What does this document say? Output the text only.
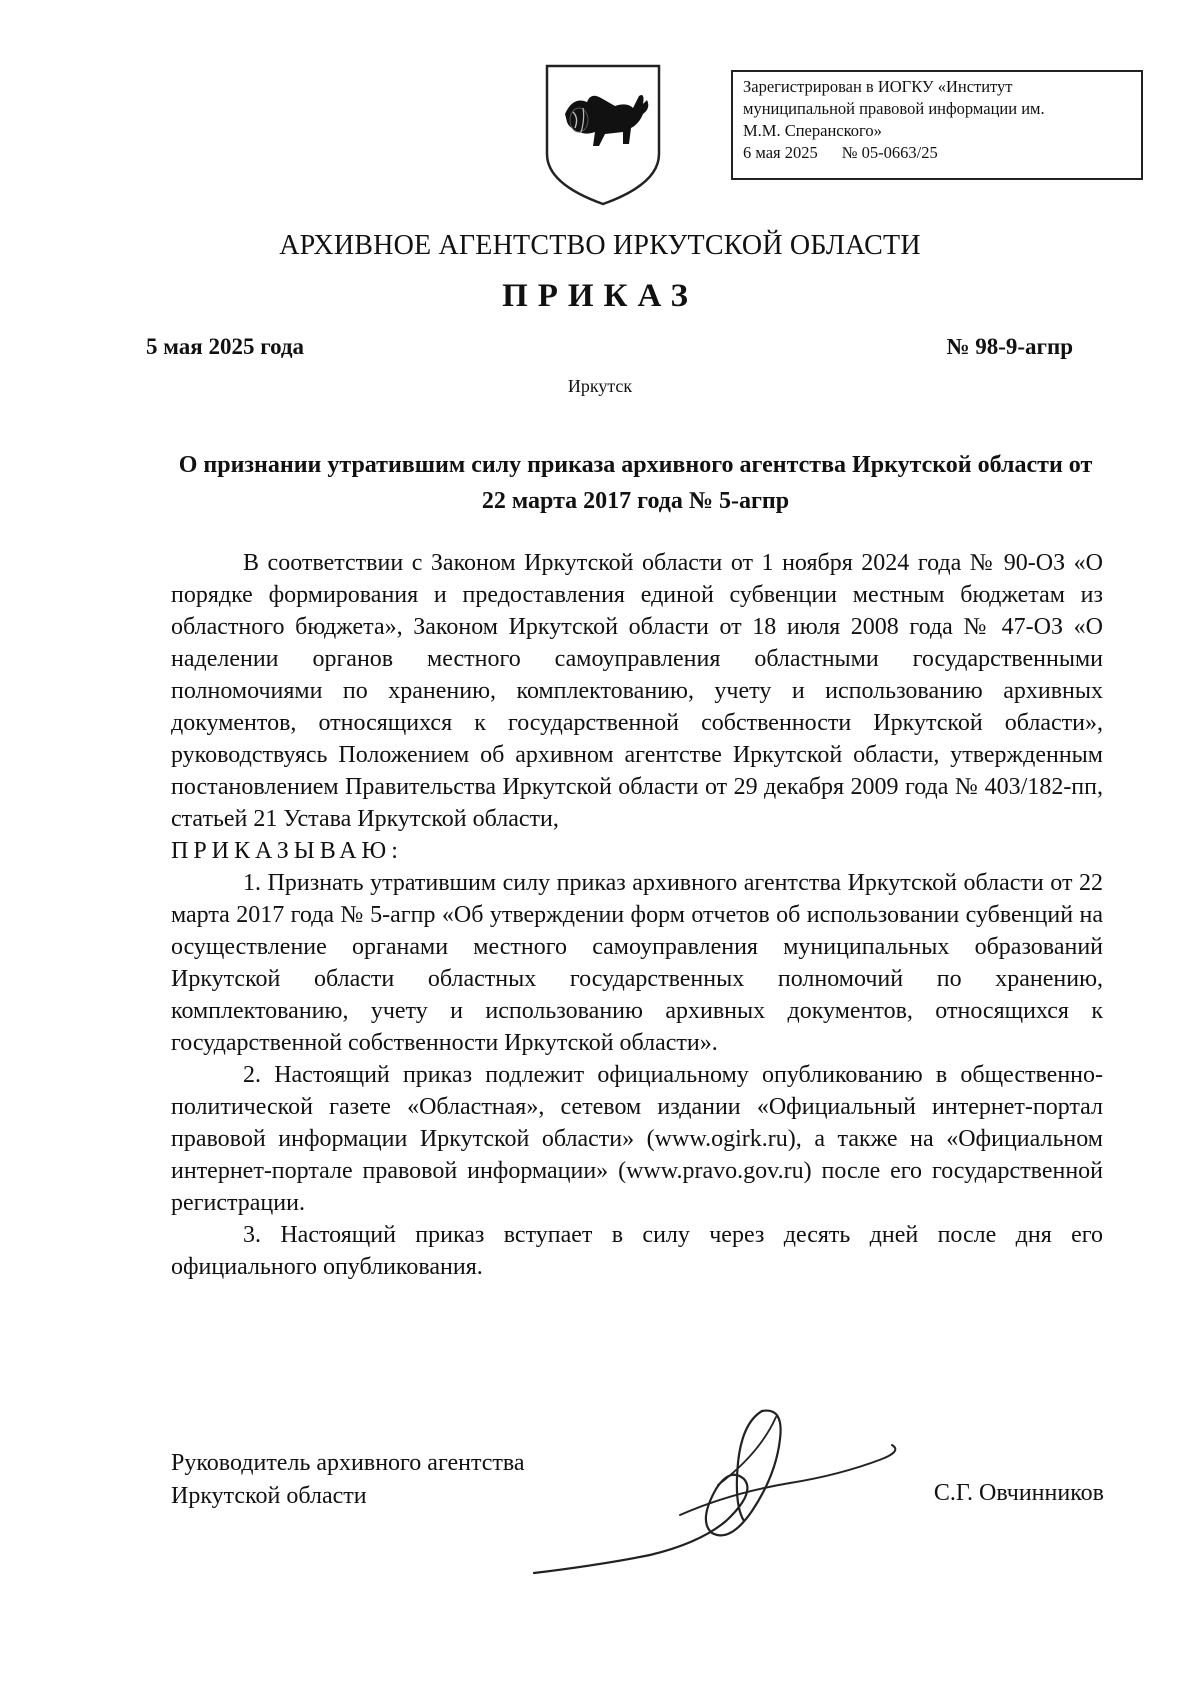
Зарегистрирован в ИОГКУ «Институт
муниципальной правовой информации им.
М.М. Сперанского»
6 мая 2025 № 05-0663/25
АРХИВНОЕ АГЕНТСТВО ИРКУТСКОЙ ОБЛАСТИ
ПРИКАЗ
5 мая 2025 года	№ 98-9-агпр
Иркутск
О признании утратившим силу приказа архивного агентства Иркутской области от 22 марта 2017 года № 5-агпр

В соответствии с Законом Иркутской области от 1 ноября 2024 года № 90-ОЗ «О порядке формирования и предоставления единой субвенции местным бюджетам из областного бюджета», Законом Иркутской области от 18 июля 2008 года № 47-ОЗ «О наделении органов местного самоуправления областными государственными полномочиями по хранению, комплектованию, учету и использованию архивных документов, относящихся к государственной собственности Иркутской области», руководствуясь Положением об архивном агентстве Иркутской области, утвержденным постановлением Правительства Иркутской области от 29 декабря 2009 года № 403/182-пп, статьей 21 Устава Иркутской области,

ПРИКАЗЫВАЮ:

1. Признать утратившим силу приказ архивного агентства Иркутской области от 22 марта 2017 года № 5-агпр «Об утверждении форм отчетов об использовании субвенций на осуществление органами местного самоуправления муниципальных образований Иркутской области областных государственных полномочий по хранению, комплектованию, учету и использованию архивных документов, относящихся к государственной собственности Иркутской области».

2. Настоящий приказ подлежит официальному опубликованию в общественно-политической газете «Областная», сетевом издании «Официальный интернет-портал правовой информации Иркутской области» (www.ogirk.ru), а также на «Официальном интернет-портале правовой информации» (www.pravo.gov.ru) после его государственной регистрации.

3. Настоящий приказ вступает в силу через десять дней после дня его официального опубликования.

Руководитель архивного агентства
Иркутской области	С.Г. Овчинников
